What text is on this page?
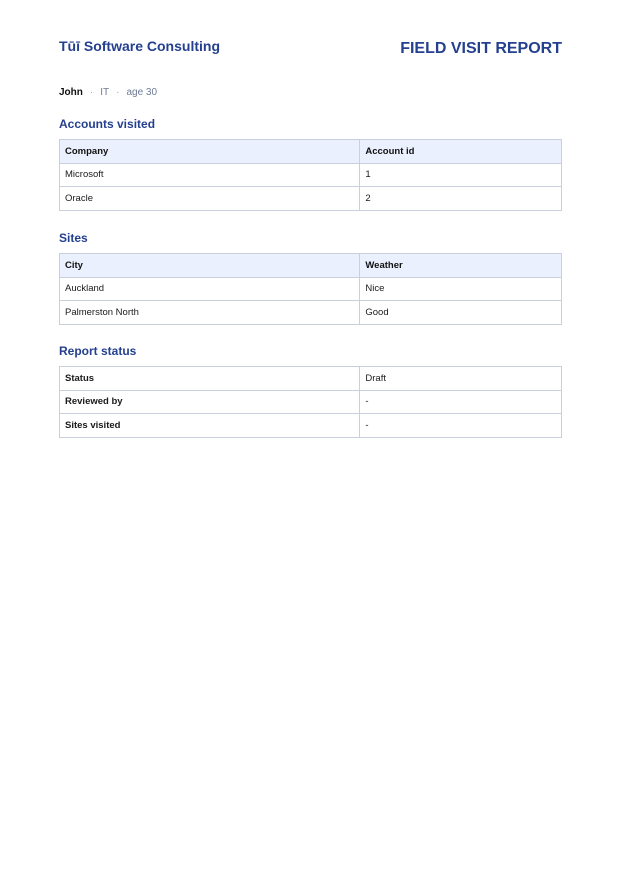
Tūī Software Consulting	FIELD VISIT REPORT
John · IT · age 30
Accounts visited
Company	Account id
Microsoft	1
Oracle	2
Sites
City	Weather
Auckland	Nice
Palmerston North	Good
Report status
Status	Draft
Reviewed by	-
Sites visited	-
